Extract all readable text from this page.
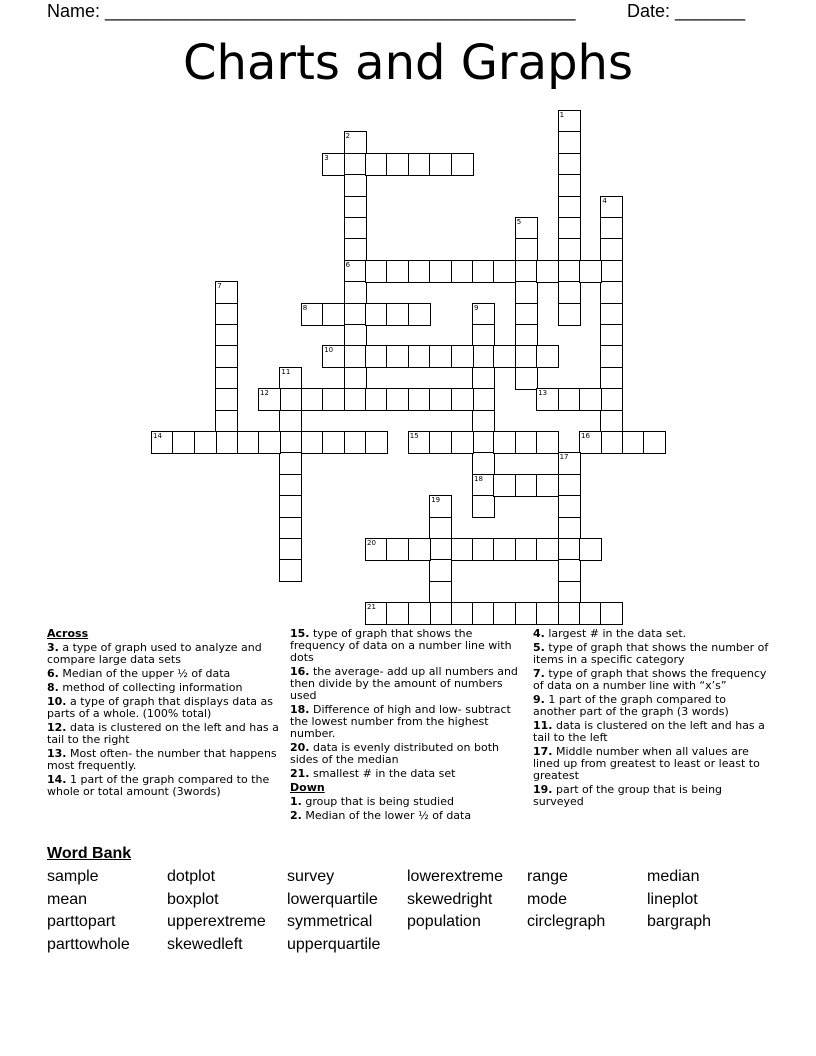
Name: _______________________________________________	Date: _______
Charts and Graphs
1
2
6
3
4
5
7
8	9
18
10
11
12	13
14	15	16
17
19
20
21
Across
3. a type of graph used to analyze and compare large data sets
6. Median of the upper ½ of data
8. method of collecting information
10. a type of graph that displays data as parts of a whole. (100% total)
12. data is clustered on the left and has a tail to the right
13. Most often- the number that happens most frequently.
14. 1 part of the graph compared to the whole or total amount (3words)
15. type of graph that shows the frequency of data on a number line with dots
16. the average- add up all numbers and then divide by the amount of numbers used
18. Difference of high and low- subtract the lowest number from the highest number.
20. data is evenly distributed on both sides of the median
21. smallest # in the data set
Down
1. group that is being studied
2. Median of the lower ½ of data
4. largest # in the data set.
5. type of graph that shows the number of items in a specific category
7. type of graph that shows the frequency of data on a number line with “x’s”
9. 1 part of the graph compared to another part of the graph (3 words)
11. data is clustered on the left and has a tail to the left
17. Middle number when all values are lined up from greatest to least or least to greatest
19. part of the group that is being surveyed
Word Bank
sample	dotplot	survey	lowerextreme	range	median
mean	boxplot	lowerquartile	skewedright	mode	lineplot
parttopart	upperextreme	symmetrical	population	circlegraph	bargraph
parttowhole	skewedleft	upperquartile
